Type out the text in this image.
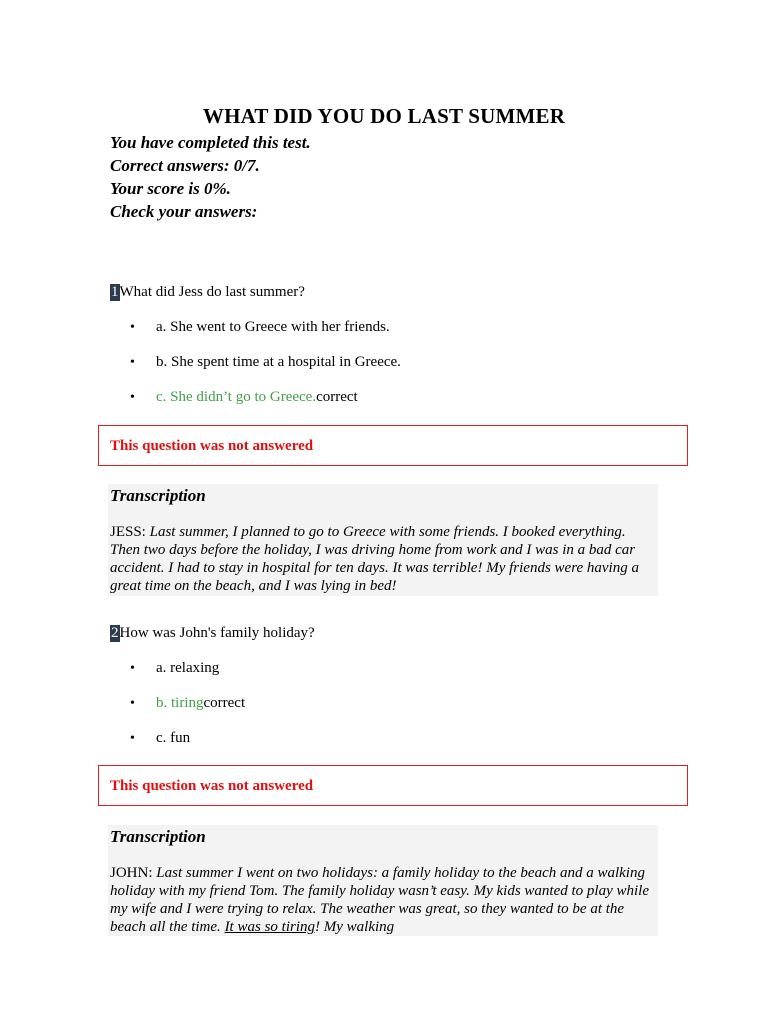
WHAT DID YOU DO LAST SUMMER
You have completed this test.
Correct answers: 0/7.
Your score is 0%.
Check your answers:
1What did Jess do last summer?
• a. She went to Greece with her friends.
• b. She spent time at a hospital in Greece.
• c. She didn’t go to Greece.correct
This question was not answered
Transcription
JESS: Last summer, I planned to go to Greece with some friends. I booked everything. Then two days before the holiday, I was driving home from work and I was in a bad car accident. I had to stay in hospital for ten days. It was terrible! My friends were having a great time on the beach, and I was lying in bed!
2How was John's family holiday?
• a. relaxing
• b. tiringcorrect
• c. fun
This question was not answered
Transcription
JOHN: Last summer I went on two holidays: a family holiday to the beach and a walking holiday with my friend Tom. The family holiday wasn’t easy. My kids wanted to play while my wife and I were trying to relax. The weather was great, so they wanted to be at the beach all the time. It was so tiring! My walking
